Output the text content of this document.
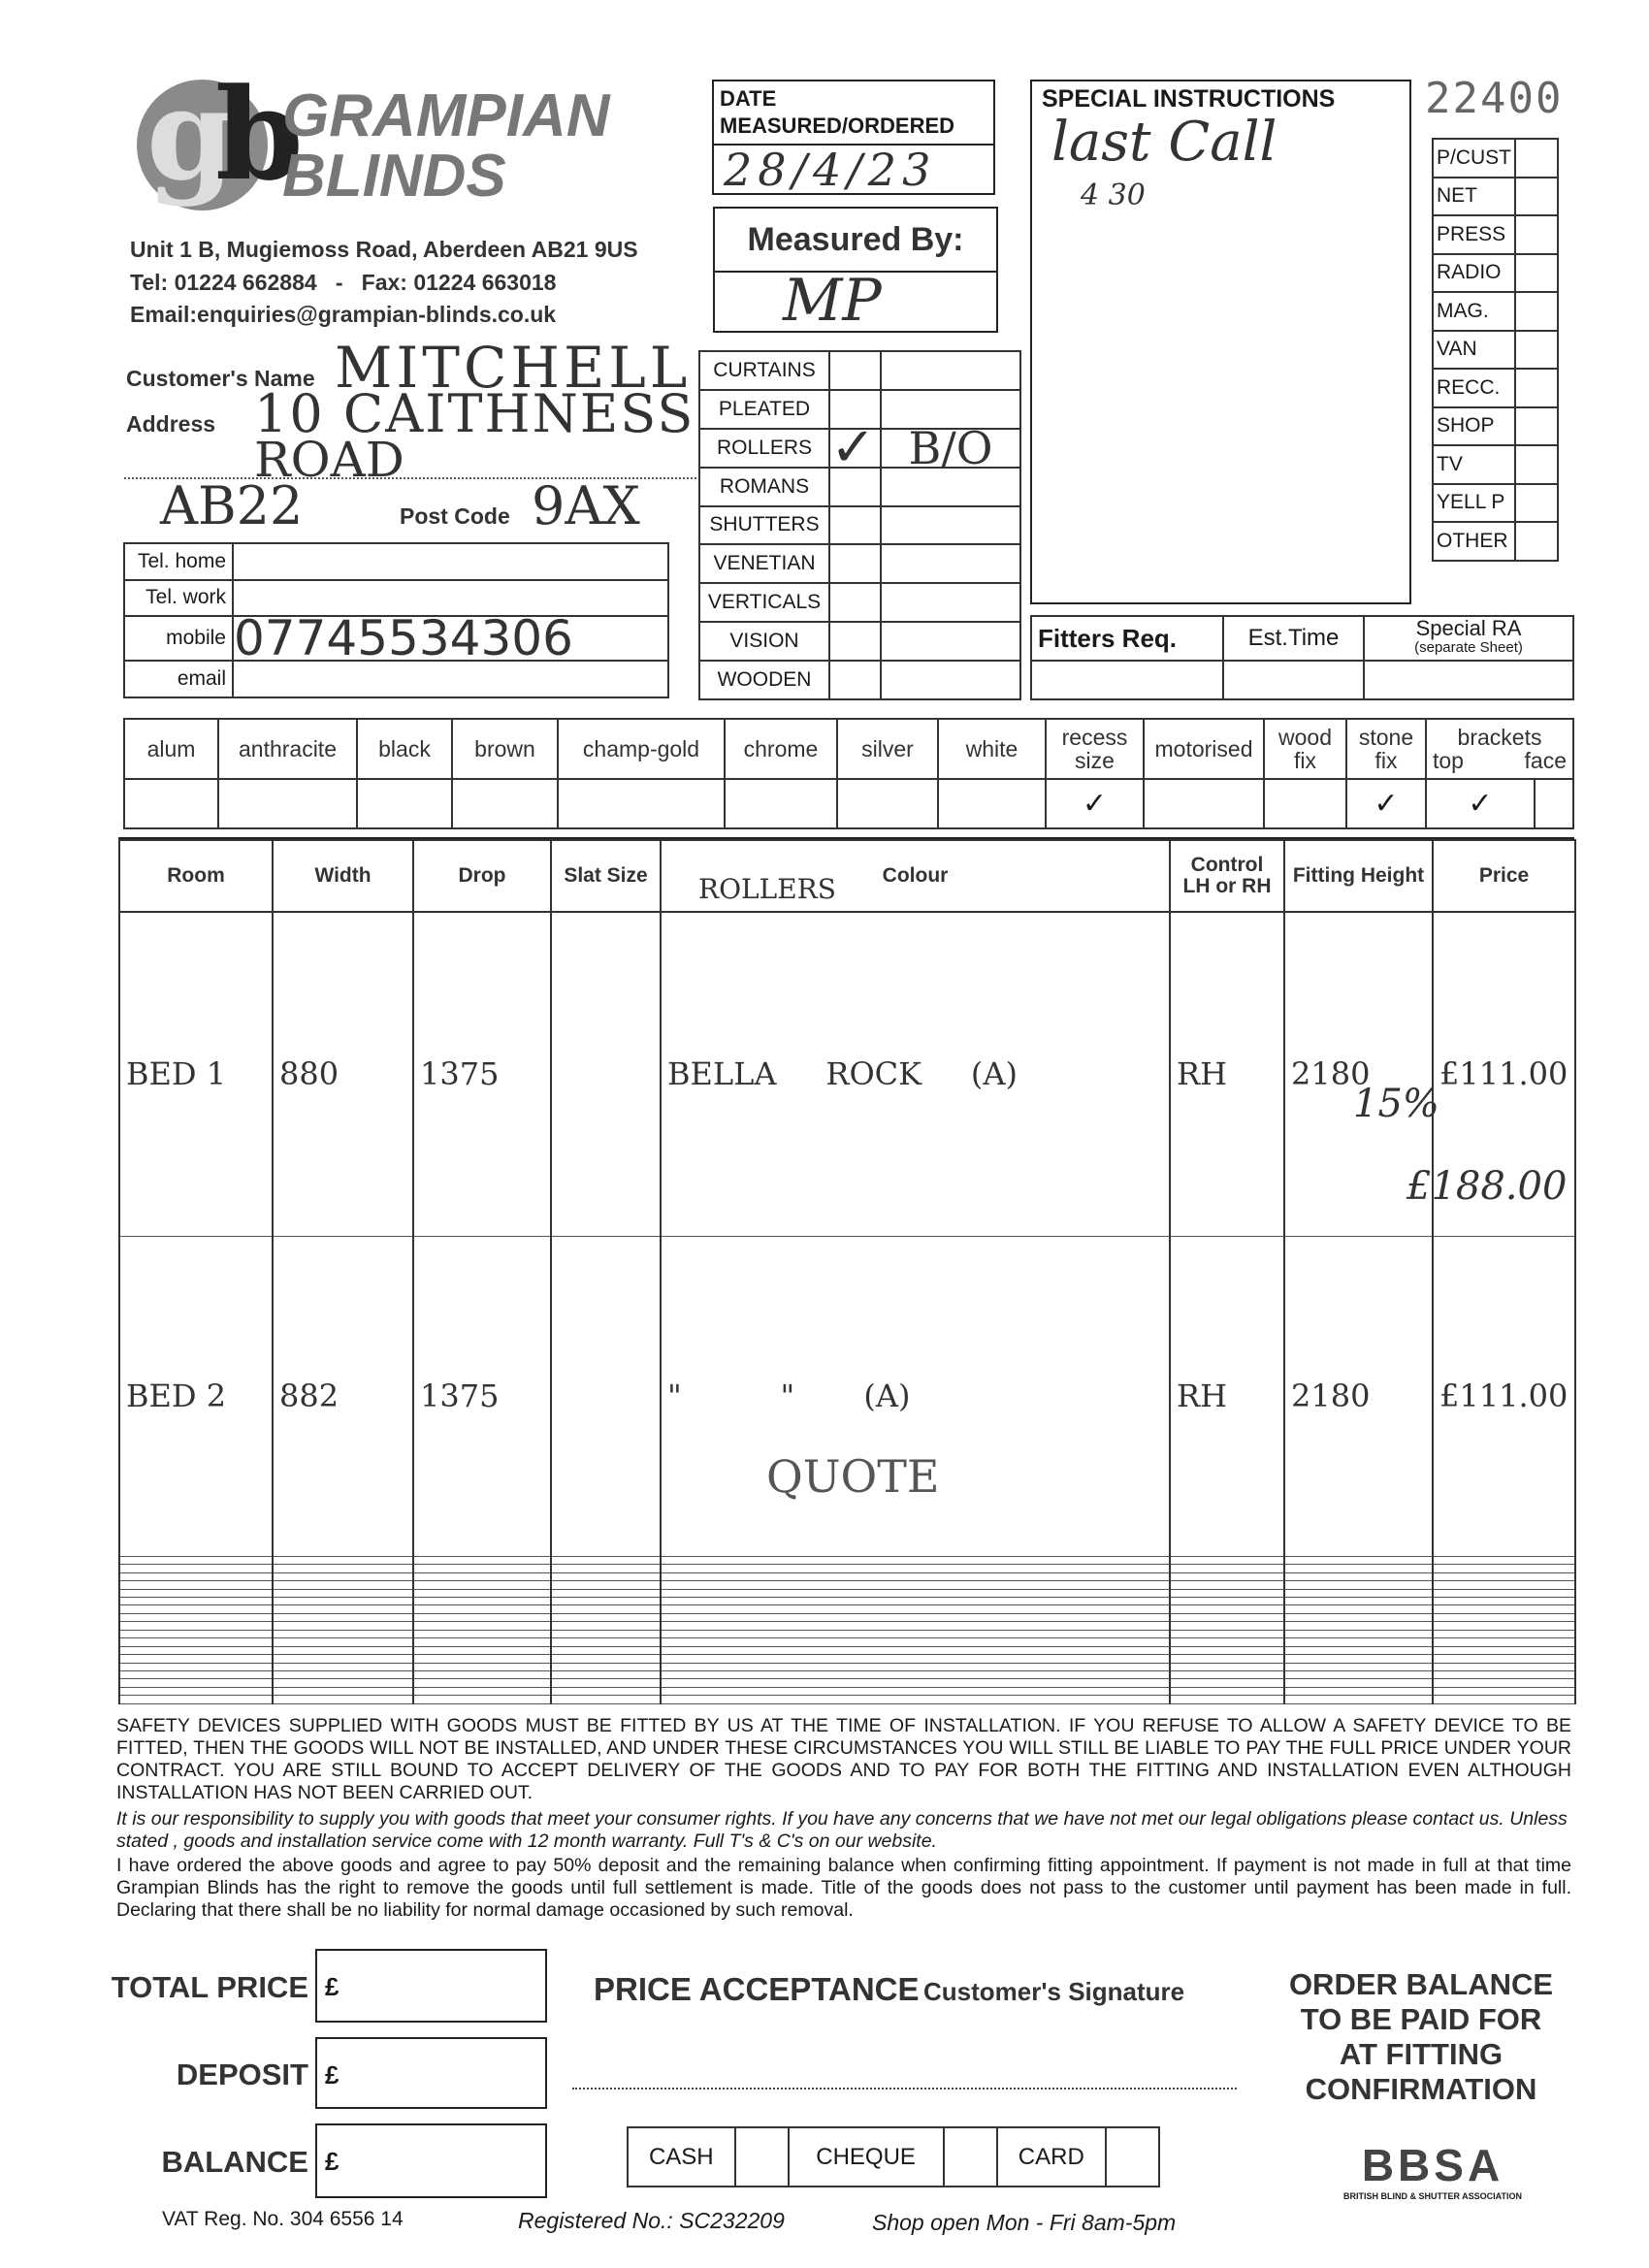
gb
GRAMPIAN
BLINDS
Unit 1 B, Mugiemoss Road, Aberdeen AB21 9US
Tel: 01224 662884   -   Fax: 01224 663018
Email:enquiries@grampian-blinds.co.uk
DATE MEASURED/ORDERED
28/4/23
Measured By:
MP
SPECIAL INSTRUCTIONS
last Call
4 30
22400
P/CUST	
NET	
PRESS	
RADIO	
MAG.	
VAN	
RECC.	
SHOP	
TV	
YELL P	
OTHER	
Customer's Name MITCHELL
Address 10 CAITHNESS
ROAD
AB22	Post Code 9AX
Tel. home	
Tel. work	
mobile	07745534306
email	
CURTAINS		
PLEATED		
ROLLERS	✓	B/O
ROMANS		
SHUTTERS		
VENETIAN		
VERTICALS		
VISION		
WOODEN		
Fitters Req.	Est.Time	Special RA
(separate Sheet)

alum	anthracite	black	brown	champ-gold	chrome	silver	white	recess size	motorised	wood fix	stone fix	brackets
top face	

								✓			✓	✓	
Room	Width	Drop	Slat Size	Colour	Control LH or RH	Fitting Height	Price
BED 1	880	1375		BELLA     ROCK     (A)	RH	2180	£111.00
BED 2	882	1375		"          "       (A)	RH	2180	£111.00

ROLLERS
15%
£188.00
QUOTE
SAFETY DEVICES SUPPLIED WITH GOODS MUST BE FITTED BY US AT THE TIME OF INSTALLATION. IF YOU REFUSE TO ALLOW A SAFETY DEVICE TO BE FITTED, THEN THE GOODS WILL NOT BE INSTALLED, AND UNDER THESE CIRCUMSTANCES YOU WILL STILL BE LIABLE TO PAY THE FULL PRICE UNDER YOUR CONTRACT. YOU ARE STILL BOUND TO ACCEPT DELIVERY OF THE GOODS AND TO PAY FOR BOTH THE FITTING AND INSTALLATION EVEN ALTHOUGH INSTALLATION HAS NOT BEEN CARRIED OUT.
It is our responsibility to supply you with goods that meet your consumer rights. If you have any concerns that we have not met our legal obligations please contact us. Unless stated , goods and installation service come with 12 month warranty. Full T's & C's on our website.
I have ordered the above goods and agree to pay 50% deposit and the remaining balance when confirming fitting appointment. If payment is not made in full at that time Grampian Blinds has the right to remove the goods until full settlement is made. Title of the goods does not pass to the customer until payment has been made in full. Declaring that there shall be no liability for normal damage occasioned by such removal.
TOTAL PRICE £
DEPOSIT £
BALANCE £
PRICE ACCEPTANCE Customer's Signature
CASH		CHEQUE		CARD	
ORDER BALANCE
TO BE PAID FOR
AT FITTING
CONFIRMATION
BBSA
BRITISH BLIND & SHUTTER ASSOCIATION
VAT Reg. No. 304 6556 14	Registered No.: SC232209	Shop open Mon - Fri 8am-5pm
